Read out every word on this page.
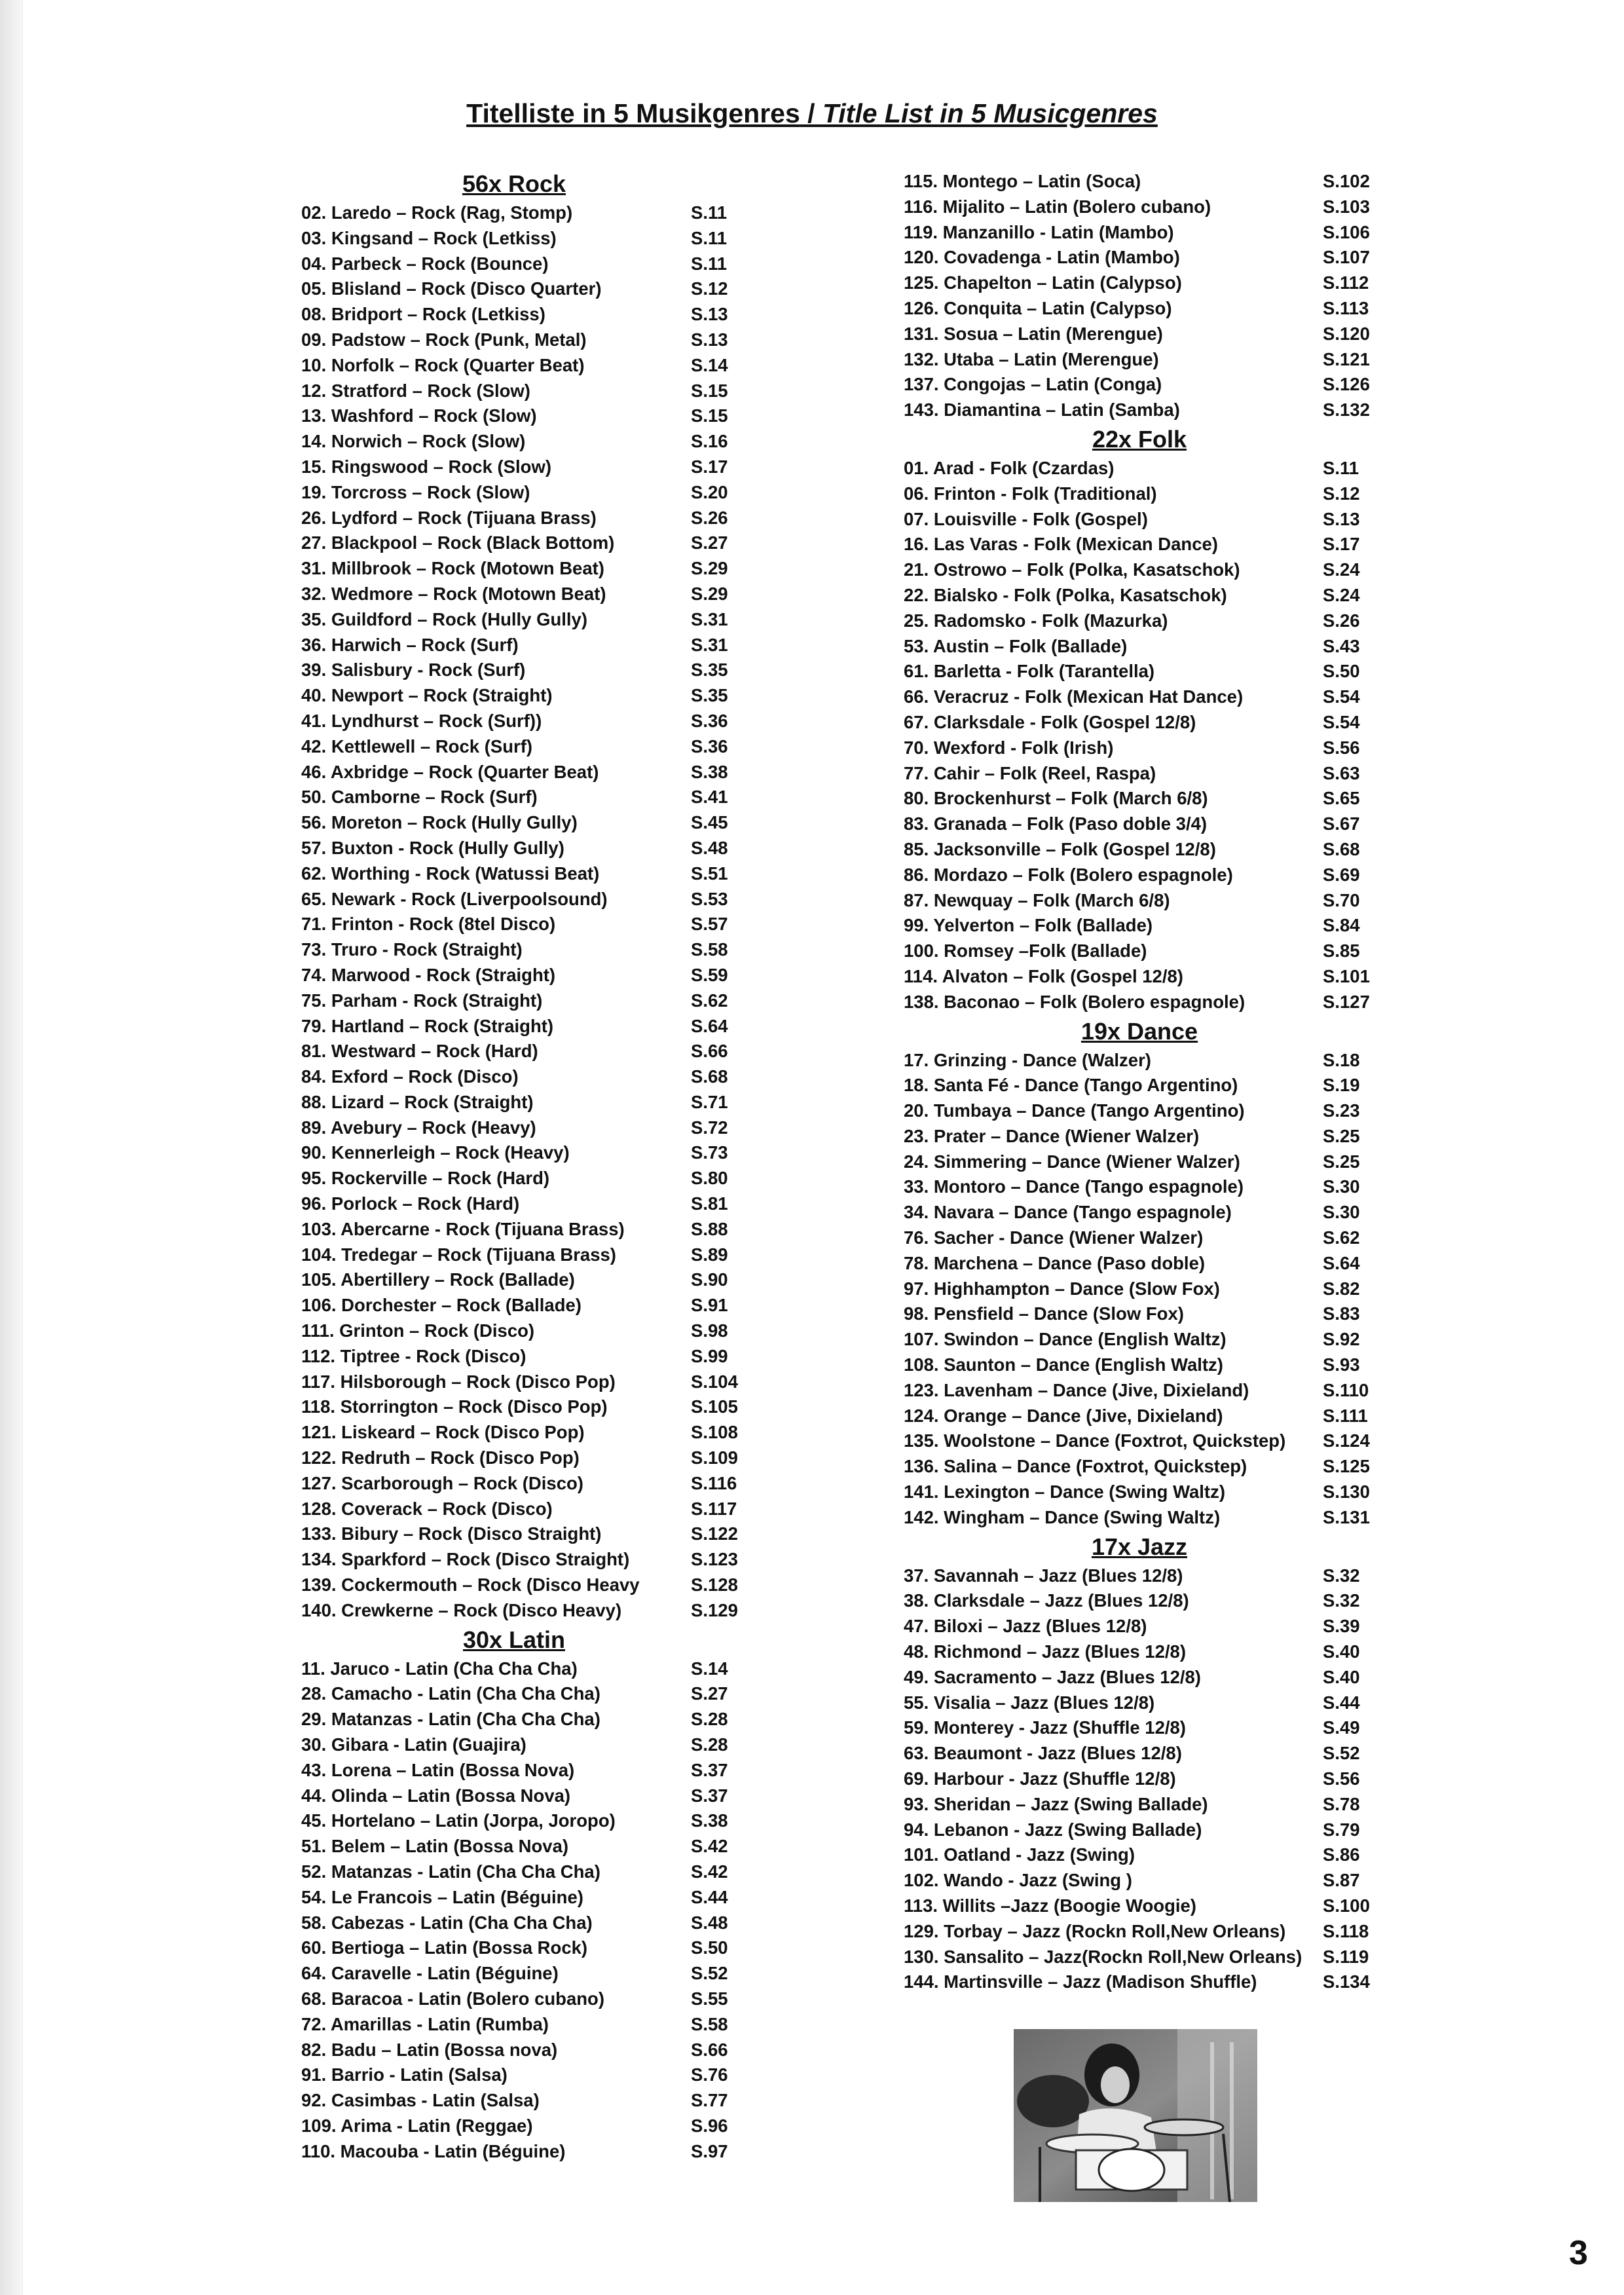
Titelliste in 5 Musikgenres / Title List in 5 Musicgenres
56x Rock
02. Laredo – Rock (Rag, Stomp)	S.11
03. Kingsand – Rock (Letkiss)	S.11
04. Parbeck – Rock (Bounce)	S.11
05. Blisland – Rock (Disco Quarter)	S.12
08. Bridport – Rock (Letkiss)	S.13
09. Padstow – Rock (Punk, Metal)	S.13
10. Norfolk – Rock (Quarter Beat)	S.14
12. Stratford – Rock (Slow)	S.15
13. Washford – Rock (Slow)	S.15
14. Norwich – Rock (Slow)	S.16
15. Ringswood – Rock (Slow)	S.17
19. Torcross – Rock (Slow)	S.20
26. Lydford – Rock (Tijuana Brass)	S.26
27. Blackpool – Rock (Black Bottom)	S.27
31. Millbrook – Rock (Motown Beat)	S.29
32. Wedmore – Rock (Motown Beat)	S.29
35. Guildford – Rock (Hully Gully)	S.31
36. Harwich – Rock (Surf)	S.31
39. Salisbury - Rock (Surf)	S.35
40. Newport – Rock (Straight)	S.35
41. Lyndhurst – Rock (Surf))	S.36
42. Kettlewell – Rock (Surf)	S.36
46. Axbridge – Rock (Quarter Beat)	S.38
50. Camborne – Rock (Surf)	S.41
56. Moreton – Rock (Hully Gully)	S.45
57. Buxton - Rock (Hully Gully)	S.48
62. Worthing - Rock (Watussi Beat)	S.51
65. Newark - Rock (Liverpoolsound)	S.53
71. Frinton - Rock (8tel Disco)	S.57
73. Truro - Rock (Straight)	S.58
74. Marwood - Rock (Straight)	S.59
75. Parham - Rock (Straight)	S.62
79. Hartland – Rock (Straight)	S.64
81. Westward – Rock (Hard)	S.66
84. Exford – Rock (Disco)	S.68
88. Lizard – Rock (Straight)	S.71
89. Avebury – Rock (Heavy)	S.72
90. Kennerleigh – Rock (Heavy)	S.73
95. Rockerville – Rock (Hard)	S.80
96. Porlock – Rock (Hard)	S.81
103. Abercarne - Rock (Tijuana Brass)	S.88
104. Tredegar – Rock (Tijuana Brass)	S.89
105. Abertillery – Rock (Ballade)	S.90
106. Dorchester – Rock (Ballade)	S.91
111. Grinton – Rock (Disco)	S.98
112. Tiptree - Rock (Disco)	S.99
117. Hilsborough – Rock (Disco Pop)	S.104
118. Storrington – Rock (Disco Pop)	S.105
121. Liskeard – Rock (Disco Pop)	S.108
122. Redruth – Rock (Disco Pop)	S.109
127. Scarborough – Rock (Disco)	S.116
128. Coverack – Rock (Disco)	S.117
133. Bibury – Rock (Disco Straight)	S.122
134. Sparkford – Rock (Disco Straight)	S.123
139. Cockermouth – Rock (Disco Heavy	S.128
140. Crewkerne – Rock (Disco Heavy)	S.129
30x Latin
11. Jaruco - Latin (Cha Cha Cha)	S.14
28. Camacho - Latin (Cha Cha Cha)	S.27
29. Matanzas - Latin (Cha Cha Cha)	S.28
30. Gibara - Latin (Guajira)	S.28
43. Lorena – Latin (Bossa Nova)	S.37
44. Olinda – Latin (Bossa Nova)	S.37
45. Hortelano – Latin (Jorpa, Joropo)	S.38
51. Belem – Latin (Bossa Nova)	S.42
52. Matanzas - Latin (Cha Cha Cha)	S.42
54. Le Francois – Latin (Béguine)	S.44
58. Cabezas - Latin (Cha Cha Cha)	S.48
60. Bertioga – Latin (Bossa Rock)	S.50
64. Caravelle - Latin (Béguine)	S.52
68. Baracoa - Latin (Bolero cubano)	S.55
72. Amarillas - Latin (Rumba)	S.58
82. Badu – Latin (Bossa nova)	S.66
91. Barrio - Latin (Salsa)	S.76
92. Casimbas - Latin (Salsa)	S.77
109. Arima - Latin (Reggae)	S.96
110. Macouba - Latin (Béguine)	S.97
115. Montego – Latin (Soca)	S.102
116. Mijalito – Latin (Bolero cubano)	S.103
119. Manzanillo - Latin (Mambo)	S.106
120. Covadenga - Latin (Mambo)	S.107
125. Chapelton – Latin (Calypso)	S.112
126. Conquita – Latin (Calypso)	S.113
131. Sosua – Latin (Merengue)	S.120
132. Utaba – Latin (Merengue)	S.121
137. Congojas – Latin (Conga)	S.126
143. Diamantina – Latin (Samba)	S.132
22x Folk
01. Arad - Folk (Czardas)	S.11
06. Frinton - Folk (Traditional)	S.12
07. Louisville - Folk (Gospel)	S.13
16. Las Varas - Folk (Mexican Dance)	S.17
21. Ostrowo – Folk (Polka, Kasatschok)	S.24
22. Bialsko - Folk (Polka, Kasatschok)	S.24
25. Radomsko - Folk (Mazurka)	S.26
53. Austin – Folk (Ballade)	S.43
61. Barletta - Folk (Tarantella)	S.50
66. Veracruz - Folk (Mexican Hat Dance)	S.54
67. Clarksdale - Folk (Gospel 12/8)	S.54
70. Wexford - Folk (Irish)	S.56
77. Cahir – Folk (Reel, Raspa)	S.63
80. Brockenhurst – Folk (March 6/8)	S.65
83. Granada – Folk (Paso doble 3/4)	S.67
85. Jacksonville – Folk (Gospel 12/8)	S.68
86. Mordazo – Folk (Bolero espagnole)	S.69
87. Newquay – Folk (March 6/8)	S.70
99. Yelverton – Folk (Ballade)	S.84
100. Romsey –Folk (Ballade)	S.85
114. Alvaton – Folk (Gospel 12/8)	S.101
138. Baconao – Folk (Bolero espagnole)	S.127
19x Dance
17. Grinzing - Dance (Walzer)	S.18
18. Santa Fé - Dance (Tango Argentino)	S.19
20. Tumbaya – Dance (Tango Argentino)	S.23
23. Prater – Dance (Wiener Walzer)	S.25
24. Simmering – Dance (Wiener Walzer)	S.25
33. Montoro – Dance (Tango espagnole)	S.30
34. Navara – Dance (Tango espagnole)	S.30
76. Sacher - Dance (Wiener Walzer)	S.62
78. Marchena – Dance (Paso doble)	S.64
97. Highhampton – Dance (Slow Fox)	S.82
98. Pensfield – Dance (Slow Fox)	S.83
107. Swindon – Dance (English Waltz)	S.92
108. Saunton – Dance (English Waltz)	S.93
123. Lavenham – Dance (Jive, Dixieland)	S.110
124. Orange – Dance (Jive, Dixieland)	S.111
135. Woolstone – Dance (Foxtrot, Quickstep) S.124
136. Salina – Dance (Foxtrot, Quickstep)	S.125
141. Lexington – Dance (Swing Waltz)	S.130
142. Wingham – Dance (Swing Waltz)	S.131
17x Jazz
37. Savannah – Jazz (Blues 12/8)	S.32
38. Clarksdale – Jazz (Blues 12/8)	S.32
47. Biloxi – Jazz (Blues 12/8)	S.39
48. Richmond – Jazz (Blues 12/8)	S.40
49. Sacramento – Jazz (Blues 12/8)	S.40
55. Visalia – Jazz (Blues 12/8)	S.44
59. Monterey - Jazz (Shuffle 12/8)	S.49
63. Beaumont - Jazz (Blues 12/8)	S.52
69. Harbour - Jazz (Shuffle 12/8)	S.56
93. Sheridan – Jazz (Swing Ballade)	S.78
94. Lebanon - Jazz (Swing Ballade)	S.79
101. Oatland - Jazz (Swing)	S.86
102. Wando - Jazz (Swing )	S.87
113. Willits –Jazz (Boogie Woogie)	S.100
129. Torbay – Jazz (Rockn Roll,New Orleans) S.118
130. Sansalito – Jazz(Rockn Roll,New Orleans) S.119
144. Martinsville – Jazz (Madison Shuffle)	S.134
3
